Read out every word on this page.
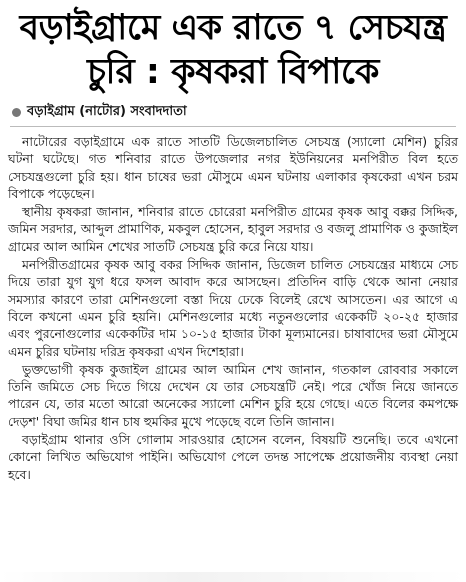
বড়াইগ্রামে এক রাতে ৭ সেচযন্ত্র
চুরি : কৃষকরা বিপাকে
বড়াইগ্রাম (নাটোর) সংবাদদাতা

নাটোরের বড়াইগ্রামে এক রাতে সাতটি ডিজেলচালিত সেচযন্ত্র (স্যালো মেশিন) চুরির ঘটনা ঘটেছে। গত শনিবার রাতে উপজেলার নগর ইউনিয়নের মনপিরীত বিল হতে সেচযন্ত্রগুলো চুরি হয়। ধান চাষের ভরা মৌসুমে এমন ঘটনায় এলাকার কৃষকেরা এখন চরম বিপাকে পড়েছেন।

স্থানীয় কৃষকরা জানান, শনিবার রাতে চোরেরা মনপিরীত গ্রামের কৃষক আবু বক্কর সিদ্দিক, জমিন সরদার, আব্দুল প্রামাণিক, মকবুল হোসেন, হাবুল সরদার ও বজলু প্রামাণিক ও কুজাইল গ্রামের আল আমিন শেখের সাতটি সেচযন্ত্র চুরি করে নিয়ে যায়।

মনপিরীতগ্রামের কৃষক আবু বকর সিদ্দিক জানান, ডিজেল চালিত সেচযন্ত্রের মাধ্যমে সেচ দিয়ে তারা যুগ যুগ ধরে ফসল আবাদ করে আসছেন। প্রতিদিন বাড়ি থেকে আনা নেয়ার সমস্যার কারণে তারা মেশিনগুলো বস্তা দিয়ে ঢেকে বিলেই রেখে আসতেন। এর আগে এ বিলে কখনো এমন চুরি হয়নি। মেশিনগুলোর মধ্যে নতুনগুলোর একেকটি ২০-২৫ হাজার এবং পুরনোগুলোর একেকটির দাম ১০-১৫ হাজার টাকা মূল্যমানের। চাষাবাদের ভরা মৌসুমে এমন চুরির ঘটনায় দরিদ্র কৃষকরা এখন দিশেহারা।

ভুক্তভোগী কৃষক কুজাইল গ্রামের আল আমিন শেখ জানান, গতকাল রোববার সকালে তিনি জমিতে সেচ দিতে গিয়ে দেখেন যে তার সেচযন্ত্রটি নেই। পরে খোঁজ নিয়ে জানতে পারেন যে, তার মতো আরো অনেকের স্যালো মেশিন চুরি হয়ে গেছে। এতে বিলের কমপক্ষে দেড়শ' বিঘা জমির ধান চাষ হুমকির মুখে পড়েছে বলে তিনি জানান।

বড়াইগ্রাম থানার ওসি গোলাম সারওয়ার হোসেন বলেন, বিষয়টি শুনেছি। তবে এখনো কোনো লিখিত অভিযোগ পাইনি। অভিযোগ পেলে তদন্ত সাপেক্ষে প্রয়োজনীয় ব্যবস্থা নেয়া হবে।
